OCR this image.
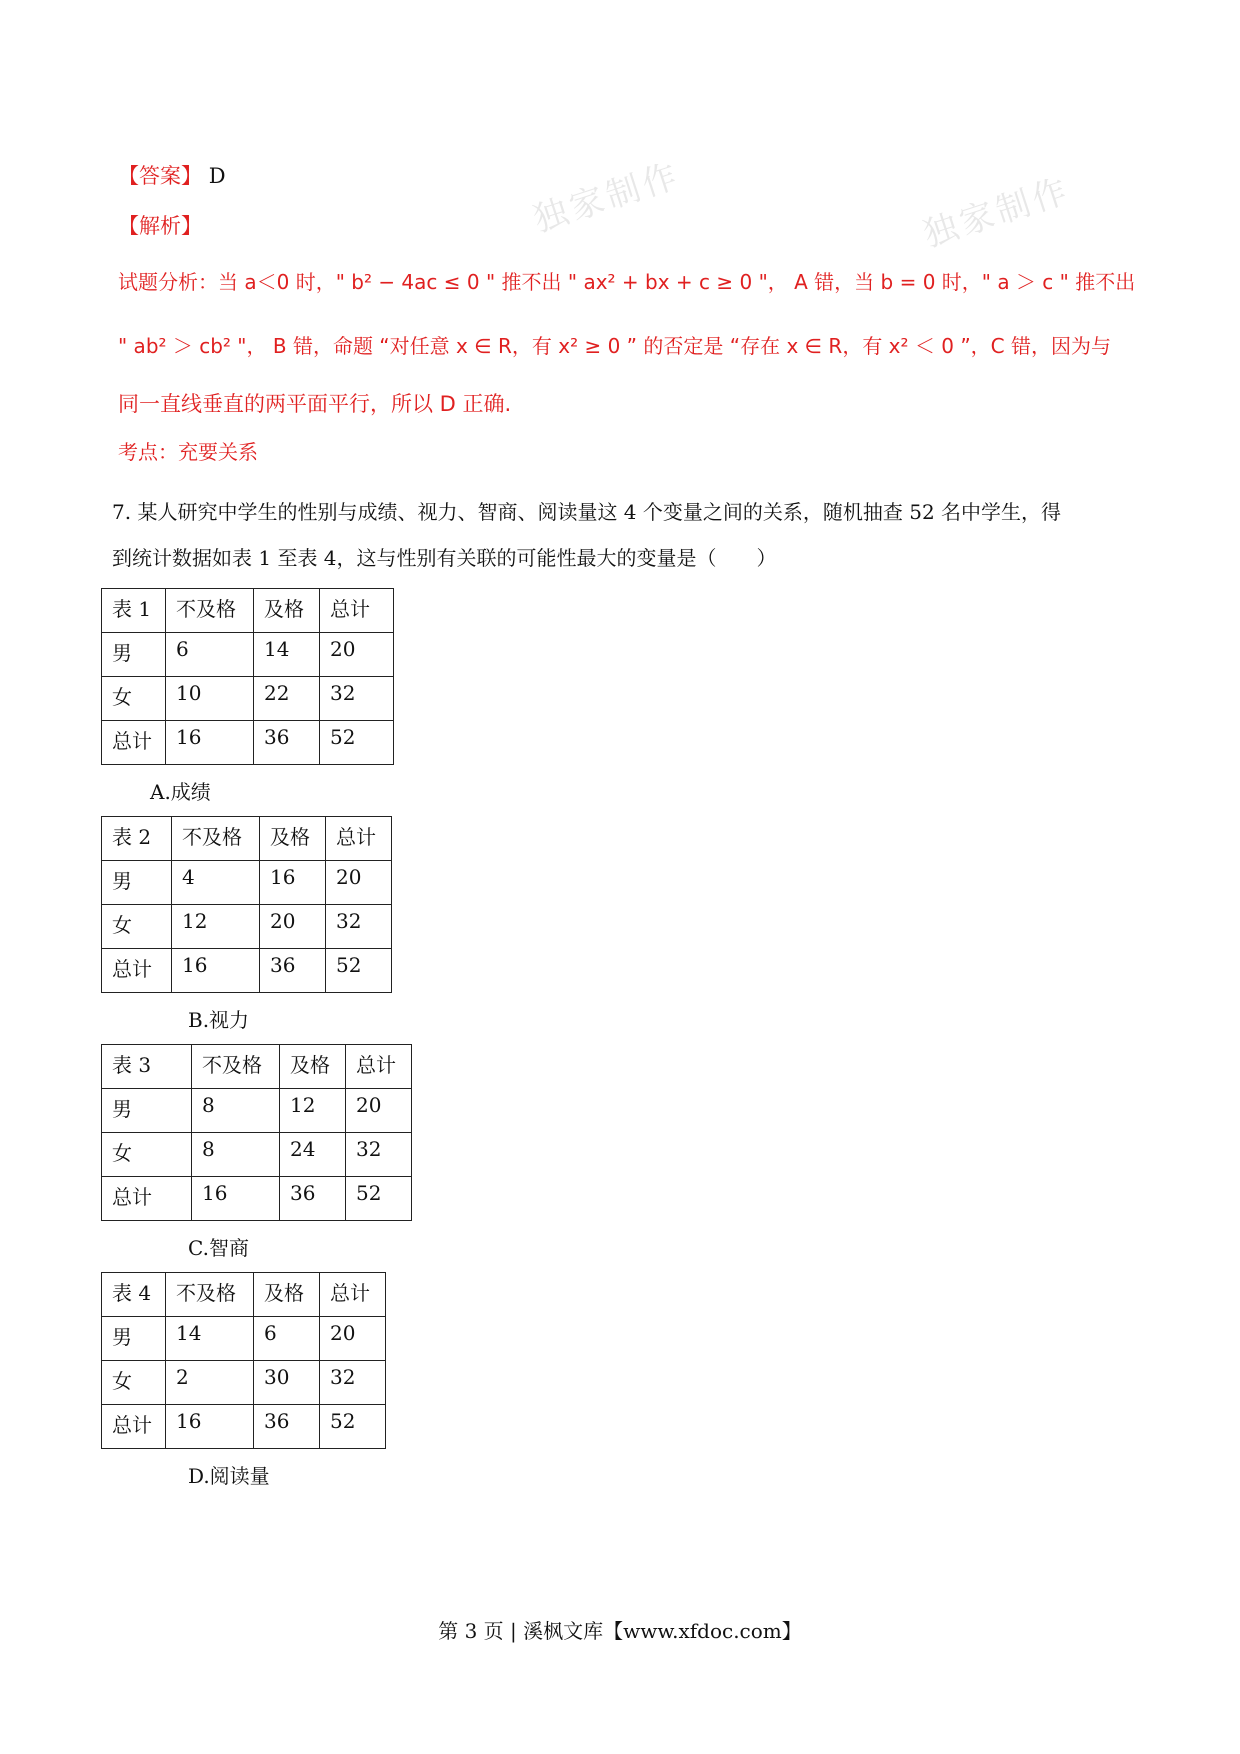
独家制作	独家制作
【答案】 D
【解析】
试题分析：当 a＜0 时，" b² − 4ac ≤ 0 " 推不出 " ax² + bx + c ≥ 0 "， A 错，当 b = 0 时，" a ＞ c " 推不出
" ab² ＞ cb² "， B 错，命题 “对任意 x ∈ R，有 x² ≥ 0 ” 的否定是 “存在 x ∈ R，有 x² ＜ 0 ”，C 错，因为与
同一直线垂直的两平面平行，所以 D 正确.
考点：充要关系
7. 某人研究中学生的性别与成绩、视力、智商、阅读量这 4 个变量之间的关系，随机抽查 52 名中学生，得
到统计数据如表 1 至表 4，这与性别有关联的可能性最大的变量是（　　）
表 1	不及格	及格	总计
男	6	14	20
女	10	22	32
总计	16	36	52
A.成绩
表 2	不及格	及格	总计
男	4	16	20
女	12	20	32
总计	16	36	52
B.视力
表 3	不及格	及格	总计
男	8	12	20
女	8	24	32
总计	16	36	52
C.智商
表 4	不及格	及格	总计
男	14	6	20
女	2	30	32
总计	16	36	52
D.阅读量
第 3 页 | 溪枫文库【www.xfdoc.com】
